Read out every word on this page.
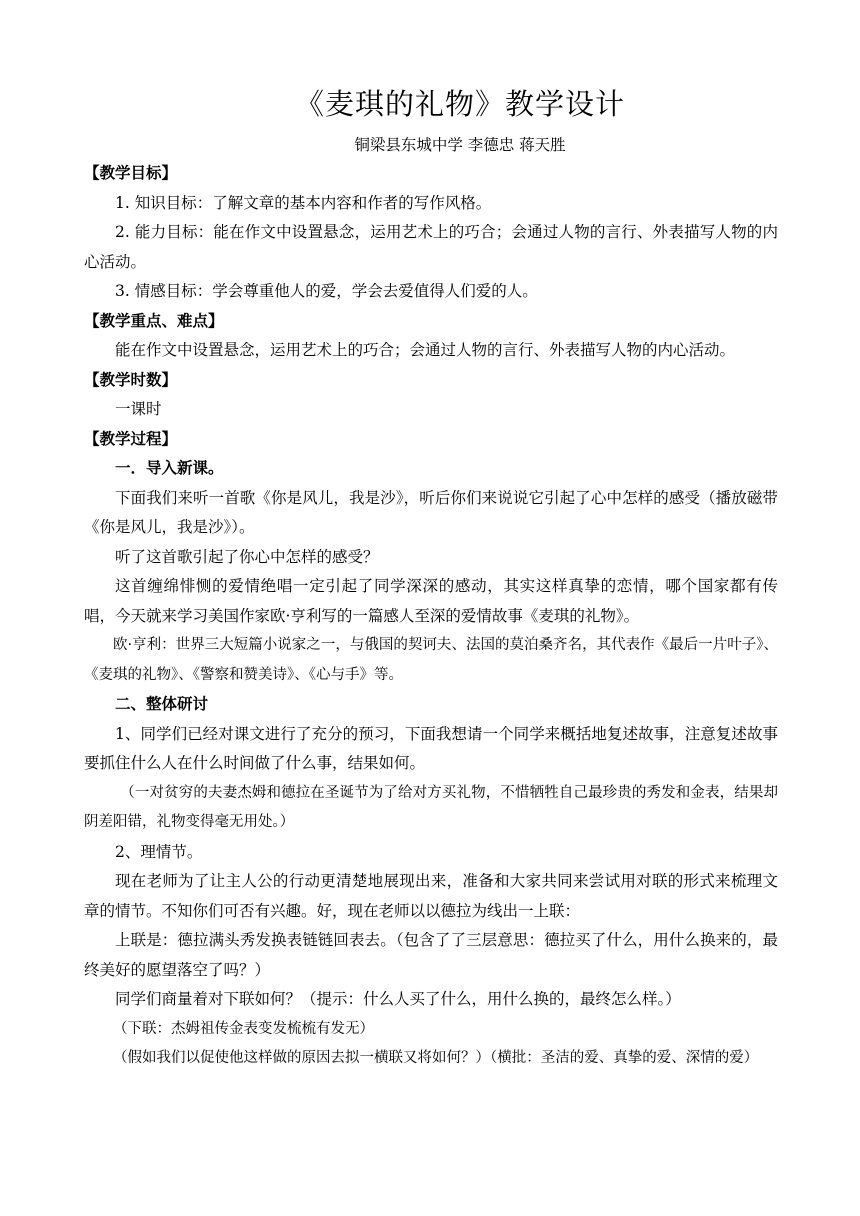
《麦琪的礼物》教学设计
铜梁县东城中学 李德忠 蒋天胜

【教学目标】

1. 知识目标：了解文章的基本内容和作者的写作风格。

2. 能力目标：能在作文中设置悬念，运用艺术上的巧合；会通过人物的言行、外表描写人物的内心活动。

3. 情感目标：学会尊重他人的爱，学会去爱值得人们爱的人。

【教学重点、难点】

能在作文中设置悬念，运用艺术上的巧合；会通过人物的言行、外表描写人物的内心活动。

【教学时数】

一课时

【教学过程】

一．导入新课。

下面我们来听一首歌《你是风儿，我是沙》，听后你们来说说它引起了心中怎样的感受（播放磁带《你是风儿，我是沙》）。

听了这首歌引起了你心中怎样的感受？

这首缠绵悱恻的爱情绝唱一定引起了同学深深的感动，其实这样真挚的恋情，哪个国家都有传唱，今天就来学习美国作家欧·亨利写的一篇感人至深的爱情故事《麦琪的礼物》。

欧·亨利：世界三大短篇小说家之一，与俄国的契诃夫、法国的莫泊桑齐名，其代表作《最后一片叶子》、《麦琪的礼物》、《警察和赞美诗》、《心与手》等。

二、整体研讨

1、同学们已经对课文进行了充分的预习，下面我想请一个同学来概括地复述故事，注意复述故事要抓住什么人在什么时间做了什么事，结果如何。

（一对贫穷的夫妻杰姆和德拉在圣诞节为了给对方买礼物，不惜牺牲自己最珍贵的秀发和金表，结果却阴差阳错，礼物变得毫无用处。）

2、理情节。

现在老师为了让主人公的行动更清楚地展现出来，准备和大家共同来尝试用对联的形式来梳理文章的情节。不知你们可否有兴趣。好，现在老师以以德拉为线出一上联：

上联是：德拉满头秀发换表链链回表去。（包含了了三层意思：德拉买了什么，用什么换来的，最终美好的愿望落空了吗？）

同学们商量着对下联如何？（提示：什么人买了什么，用什么换的，最终怎么样。）

（下联：杰姆祖传金表变发梳梳有发无）

（假如我们以促使他这样做的原因去拟一横联又将如何？）（横批：圣洁的爱、真挚的爱、深情的爱）
